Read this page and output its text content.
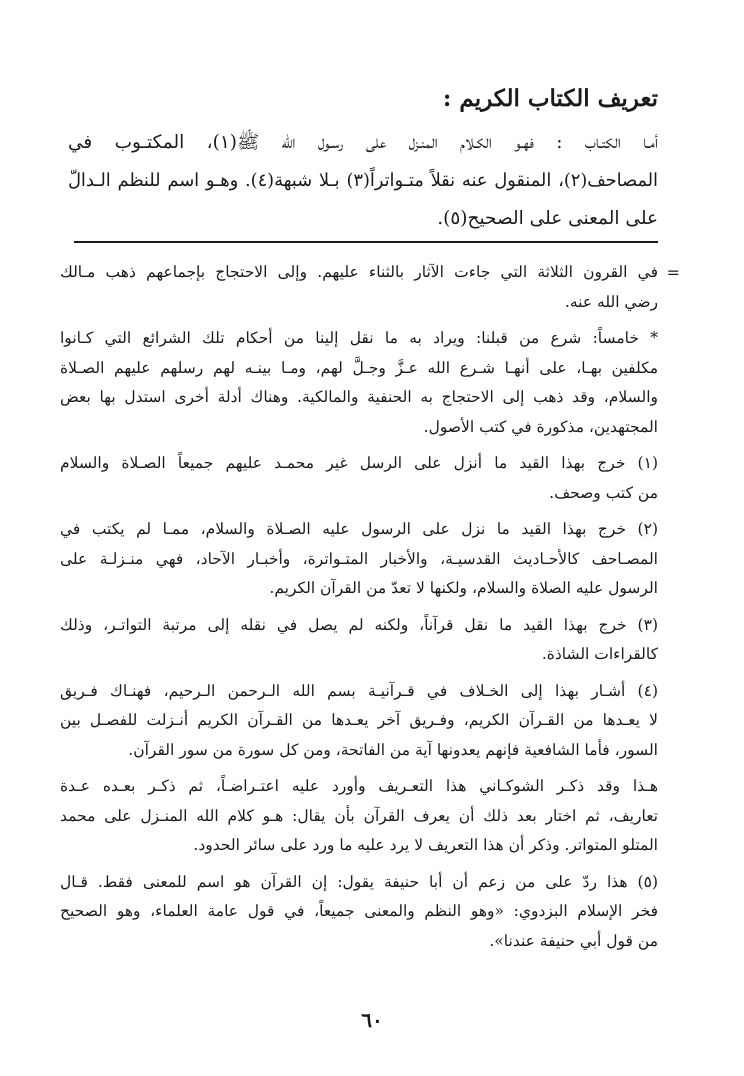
تعريف الكتاب الكريم :

أمـا الكتـاب : فهـو الكـلام المنـزل على رسـول الله ﷺ(١)، المكتـوب في
المصاحف(٢)، المنقول عنه نقلاً متـواتراً(٣) بـلا شبهة(٤). وهـو اسم للنظم الـدالّ
على المعنى على الصحيح(٥).

=
في القرون الثلاثة التي جاءت الآثار بالثناء عليهم. وإلى الاحتجاج بإجماعهم ذهب مـالك
رضي الله عنه.
* خامساً: شرع من قبلنا: ويراد به ما نقل إلينا من أحكام تلك الشرائع التي كـانوا
مكلفين بهـا، على أنهـا شـرع الله عـزَّ وجـلَّ لهم، ومـا بينـه لهم رسلهم عليهم الصـلاة
والسلام، وقد ذهب إلى الاحتجاج به الحنفية والمالكية. وهناك أدلة أخرى استدل بها بعض
المجتهدين، مذكورة في كتب الأصول.
(١) خرج بهذا القيد ما أنزل على الرسل غير محمـد عليهم جميعاً الصـلاة والسلام
من كتب وصحف.
(٢) خرج بهذا القيد ما نزل على الرسول عليه الصـلاة والسلام، ممـا لم يكتب في
المصـاحف كالأحـاديث القدسيـة، والأخبار المتـواترة، وأخبـار الآحاد، فهي منـزلـة على
الرسول عليه الصلاة والسلام، ولكنها لا تعدّ من القرآن الكريم.
(٣) خرج بهذا القيد ما نقل قرآناً، ولكنه لم يصل في نقله إلى مرتبة التواتـر، وذلك
كالقراءات الشاذة.
(٤) أشـار بهذا إلى الخـلاف في قـرآنيـة بسم الله الـرحمن الـرحيم، فهنـاك فـريق
لا يعـدها من القـرآن الكريم، وفـريق آخر يعـدها من القـرآن الكريم أنـزلت للفصـل بين
السور، فأما الشافعية فإنهم يعدونها آية من الفاتحة، ومن كل سورة من سور القرآن.
هـذا وقد ذكـر الشوكـاني هذا التعـريف وأورد عليه اعتـراضـاً، ثم ذكـر بعـده عـدة
تعاريف، ثم اختار بعد ذلك أن يعرف القرآن بأن يقال: هـو كلام الله المنـزل على محمد
المتلو المتواتر. وذكر أن هذا التعريف لا يرد عليه ما ورد على سائر الحدود.
(٥) هذا ردّ على من زعم أن أبا حنيفة يقول: إن القرآن هو اسم للمعنى فقط. قـال
فخر الإسلام البزدوي: «وهو النظم والمعنى جميعاً، في قول عامة العلماء، وهو الصحيح
من قول أبي حنيفة عندنا».
٦٠
